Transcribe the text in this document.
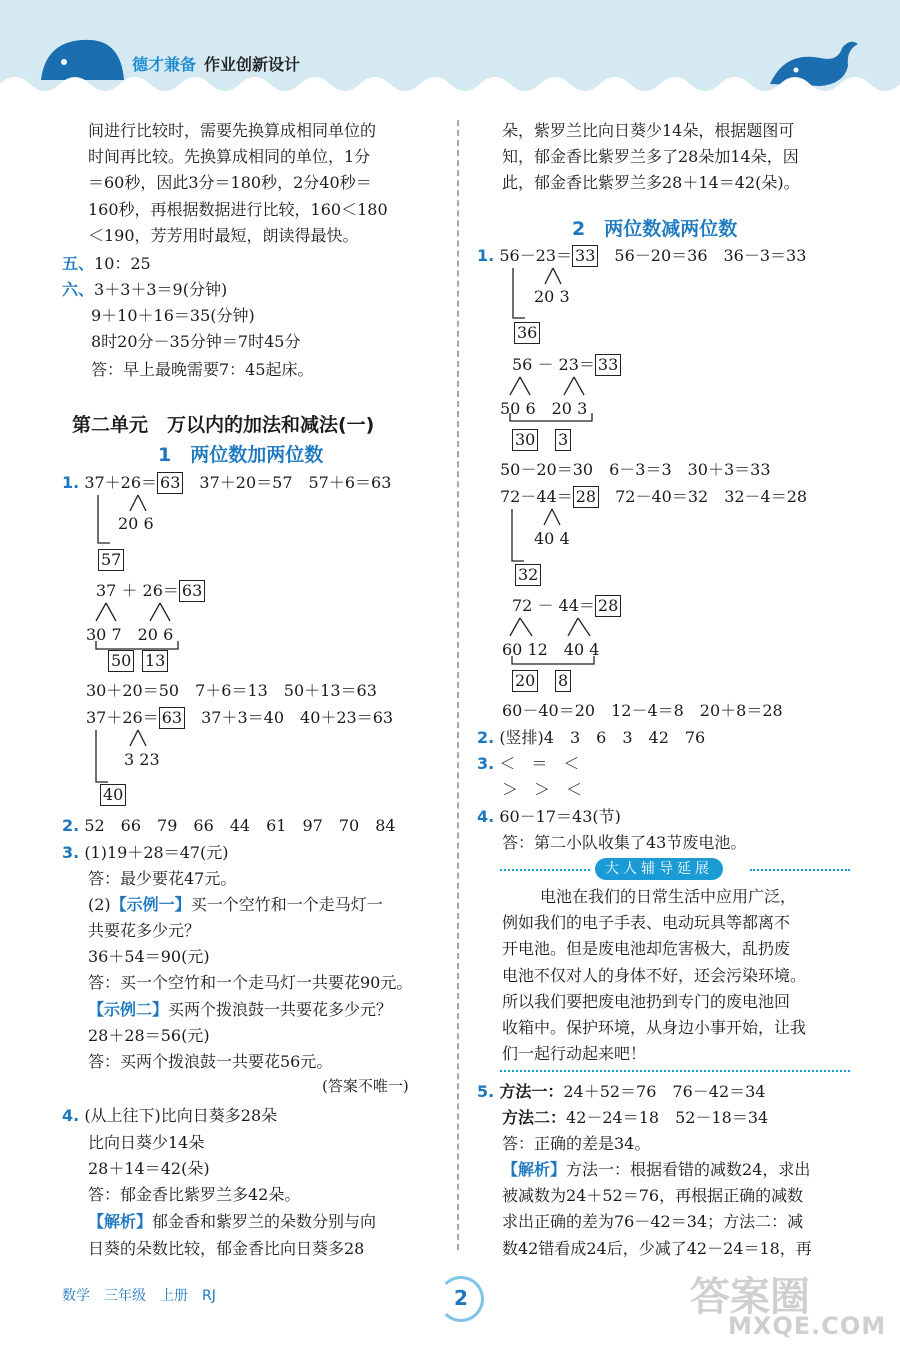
德才兼备 作业创新设计
间进行比较时，需要先换算成相同单位的
时间再比较。先换算成相同的单位，1分
＝60秒，因此3分＝180秒，2分40秒＝
160秒，再根据数据进行比较，160＜180
＜190，芳芳用时最短，朗读得最快。
五、10：25
六、3＋3＋3＝9(分钟)
9＋10＋16＝35(分钟)
8时20分－35分钟＝7时45分
答：早上最晚需要7：45起床。
第二单元　万以内的加法和减法(一)
1　两位数加两位数
1. 37＋26＝ 63　 37＋20＝57　57＋6＝63
20 6
57
37 ＋ 26＝ 63
30 7　20 6
50 13
30＋20＝50　7＋6＝13　50＋13＝63
37＋26＝ 63　 37＋3＝40　40＋23＝63
3 23
40
2. 52　66　79　66　44　61　97　70　84
3. (1)19＋28＝47(元)
答：最少要花47元。
(2)【示例一】买一个空竹和一个走马灯一
共要花多少元？
36＋54＝90(元)
答：买一个空竹和一个走马灯一共要花90元。
【示例二】买两个拨浪鼓一共要花多少元？
28＋28＝56(元)
答：买两个拨浪鼓一共要花56元。
(答案不唯一)
4. (从上往下)比向日葵多28朵
比向日葵少14朵
28＋14＝42(朵)
答：郁金香比紫罗兰多42朵。
【解析】郁金香和紫罗兰的朵数分别与向
日葵的朵数比较，郁金香比向日葵多28
朵，紫罗兰比向日葵少14朵，根据题图可
知，郁金香比紫罗兰多了28朵加14朵，因
此，郁金香比紫罗兰多28＋14＝42(朵)。
2　两位数减两位数
1. 56－23＝ 33　 56－20＝36　36－3＝33
20 3
36
56 － 23＝ 33
50 6　20 3
30 3
50－20＝30　6－3＝3　30＋3＝33
72－44＝ 28　 72－40＝32　32－4＝28
40 4
32
72 － 44＝ 28
60 12　40 4
20 8
60－40＝20　12－4＝8　20＋8＝28
2. (竖排)4　3　6　3　42　76
3. ＜　＝　＜
＞　＞　＜
4. 60－17＝43(节)
答：第二小队收集了43节废电池。
大人辅导延展
电池在我们的日常生活中应用广泛，
例如我们的电子手表、电动玩具等都离不
开电池。但是废电池却危害极大，乱扔废
电池不仅对人的身体不好，还会污染环境。
所以我们要把废电池扔到专门的废电池回
收箱中。保护环境，从身边小事开始，让我
们一起行动起来吧！
5. 方法一：24＋52＝76　76－42＝34
方法二：42－24＝18　52－18＝34
答：正确的差是34。
【解析】方法一：根据看错的减数24，求出
被减数为24＋52＝76，再根据正确的减数
求出正确的差为76－42＝34；方法二：减
数42错看成24后，少减了42－24＝18，再
数学　三年级　上册　RJ	2	答案圈
MXQE.COM
